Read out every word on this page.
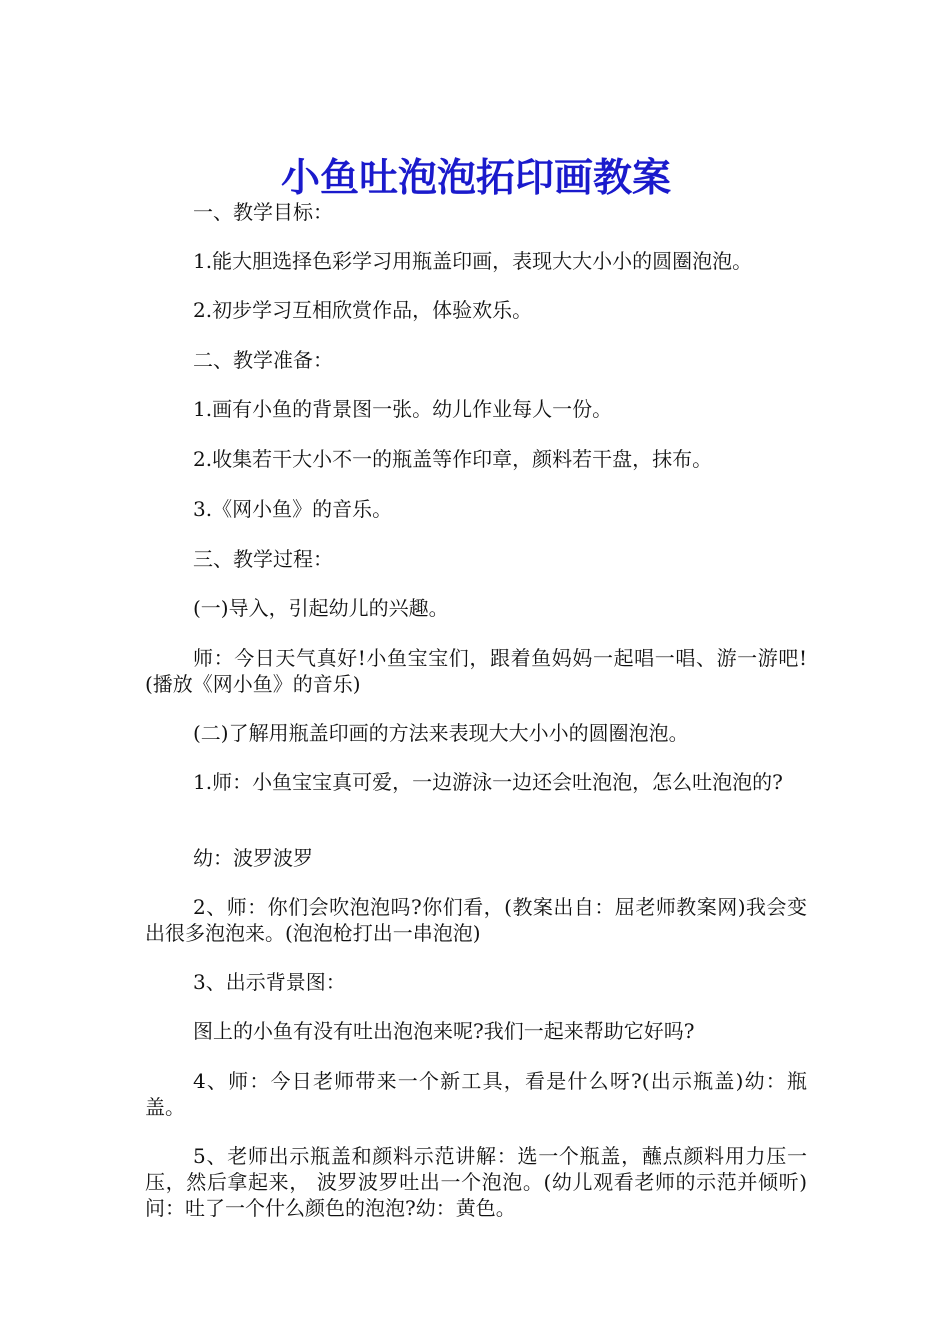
小鱼吐泡泡拓印画教案

一、教学目标：

1.能大胆选择色彩学习用瓶盖印画，表现大大小小的圆圈泡泡。

2.初步学习互相欣赏作品，体验欢乐。

二、教学准备：

1.画有小鱼的背景图一张。幼儿作业每人一份。

2.收集若干大小不一的瓶盖等作印章，颜料若干盘，抹布。

3.《网小鱼》的音乐。

三、教学过程：

(一)导入，引起幼儿的兴趣。

师：今日天气真好!小鱼宝宝们，跟着鱼妈妈一起唱一唱、游一游吧!(播放《网小鱼》的音乐)

(二)了解用瓶盖印画的方法来表现大大小小的圆圈泡泡。

1.师：小鱼宝宝真可爱，一边游泳一边还会吐泡泡，怎么吐泡泡的?

幼：波罗波罗

2、师：你们会吹泡泡吗?你们看，(教案出自：屈老师教案网)我会变出很多泡泡来。(泡泡枪打出一串泡泡)

3、出示背景图：

图上的小鱼有没有吐出泡泡来呢?我们一起来帮助它好吗?

4、师：今日老师带来一个新工具，看是什么呀?(出示瓶盖)幼：瓶盖。

5、老师出示瓶盖和颜料示范讲解：选一个瓶盖，蘸点颜料用力压一压，然后拿起来， 波罗波罗吐出一个泡泡。(幼儿观看老师的示范并倾听)问：吐了一个什么颜色的泡泡?幼：黄色。
